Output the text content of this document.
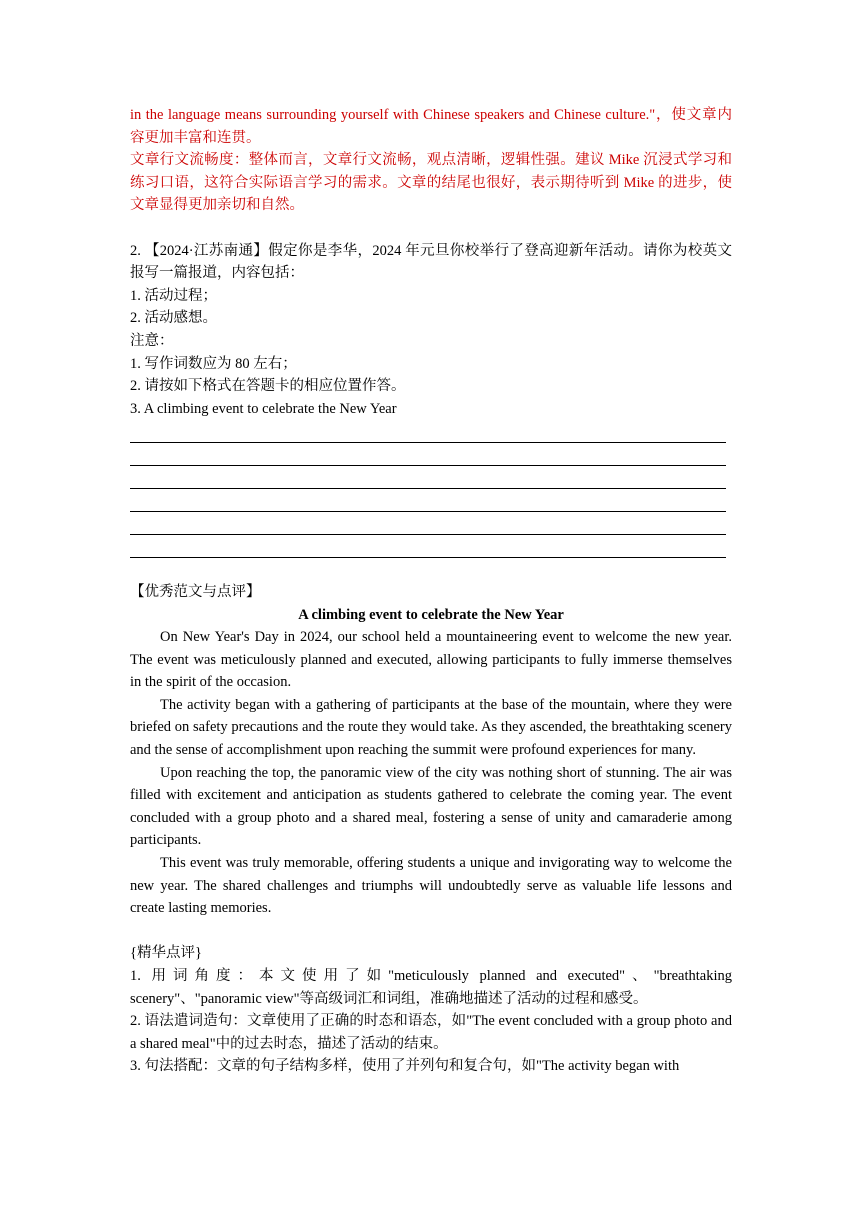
in the language means surrounding yourself with Chinese speakers and Chinese culture."，使文章内容更加丰富和连贯。

文章行文流畅度：整体而言，文章行文流畅，观点清晰，逻辑性强。建议 Mike 沉浸式学习和练习口语，这符合实际语言学习的需求。文章的结尾也很好，表示期待听到 Mike 的进步，使文章显得更加亲切和自然。

2. 【2024·江苏南通】假定你是李华，2024 年元旦你校举行了登高迎新年活动。请你为校英文报写一篇报道，内容包括：

1. 活动过程；

2. 活动感想。

注意：

1. 写作词数应为 80 左右；

2. 请按如下格式在答题卡的相应位置作答。

3. A climbing event to celebrate the New Year

【优秀范文与点评】

A climbing event to celebrate the New Year

On New Year's Day in 2024, our school held a mountaineering event to welcome the new year. The event was meticulously planned and executed, allowing participants to fully immerse themselves in the spirit of the occasion.

The activity began with a gathering of participants at the base of the mountain, where they were briefed on safety precautions and the route they would take. As they ascended, the breathtaking scenery and the sense of accomplishment upon reaching the summit were profound experiences for many.

Upon reaching the top, the panoramic view of the city was nothing short of stunning. The air was filled with excitement and anticipation as students gathered to celebrate the coming year. The event concluded with a group photo and a shared meal, fostering a sense of unity and camaraderie among participants.

This event was truly memorable, offering students a unique and invigorating way to welcome the new year. The shared challenges and triumphs will undoubtedly serve as valuable life lessons and create lasting memories.

{精华点评}

1. 用词角度：本文使用了如"meticulously planned and executed"、"breathtaking scenery"、"panoramic view"等高级词汇和词组，准确地描述了活动的过程和感受。

2. 语法遣词造句：文章使用了正确的时态和语态，如"The event concluded with a group photo and a shared meal"中的过去时态，描述了活动的结束。

3. 句法搭配：文章的句子结构多样，使用了并列句和复合句，如"The activity began with
